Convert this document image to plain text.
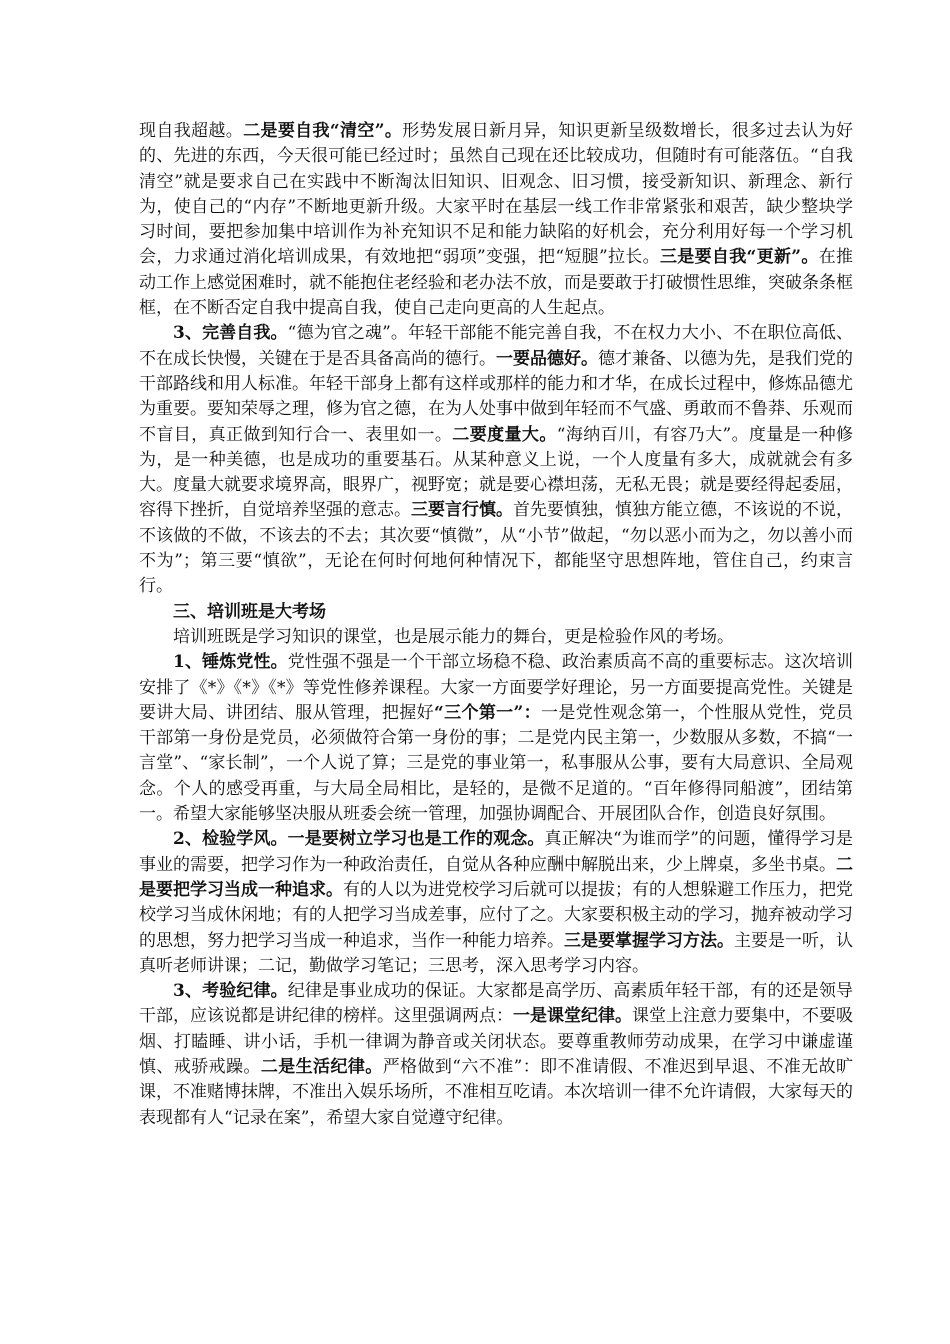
现自我超越。二是要自我“清空”。形势发展日新月异，知识更新呈级数增长，很多过去认为好的、先进的东西，今天很可能已经过时；虽然自己现在还比较成功，但随时有可能落伍。“自我清空”就是要求自己在实践中不断淘汰旧知识、旧观念、旧习惯，接受新知识、新理念、新行为，使自己的“内存”不断地更新升级。大家平时在基层一线工作非常紧张和艰苦，缺少整块学习时间，要把参加集中培训作为补充知识不足和能力缺陷的好机会，充分利用好每一个学习机会，力求通过消化培训成果，有效地把“弱项”变强，把“短腿”拉长。三是要自我“更新”。在推动工作上感觉困难时，就不能抱住老经验和老办法不放，而是要敢于打破惯性思维，突破条条框框，在不断否定自我中提高自我，使自己走向更高的人生起点。

3、完善自我。“德为官之魂”。年轻干部能不能完善自我，不在权力大小、不在职位高低、不在成长快慢，关键在于是否具备高尚的德行。一要品德好。德才兼备、以德为先，是我们党的干部路线和用人标准。年轻干部身上都有这样或那样的能力和才华，在成长过程中，修炼品德尤为重要。要知荣辱之理，修为官之德，在为人处事中做到年轻而不气盛、勇敢而不鲁莽、乐观而不盲目，真正做到知行合一、表里如一。二要度量大。“海纳百川，有容乃大”。度量是一种修为，是一种美德，也是成功的重要基石。从某种意义上说，一个人度量有多大，成就就会有多大。度量大就要求境界高，眼界广，视野宽；就是要心襟坦荡，无私无畏；就是要经得起委屈，容得下挫折，自觉培养坚强的意志。三要言行慎。首先要慎独，慎独方能立德，不该说的不说，不该做的不做，不该去的不去；其次要“慎微”，从“小节”做起，“勿以恶小而为之，勿以善小而不为”；第三要“慎欲”，无论在何时何地何种情况下，都能坚守思想阵地，管住自己，约束言行。

三、培训班是大考场

培训班既是学习知识的课堂，也是展示能力的舞台，更是检验作风的考场。

1、锤炼党性。党性强不强是一个干部立场稳不稳、政治素质高不高的重要标志。这次培训安排了《*》《*》《*》等党性修养课程。大家一方面要学好理论，另一方面要提高党性。关键是要讲大局、讲团结、服从管理，把握好“三个第一”：一是党性观念第一，个性服从党性，党员干部第一身份是党员，必须做符合第一身份的事；二是党内民主第一，少数服从多数，不搞“一言堂”、“家长制”，一个人说了算；三是党的事业第一，私事服从公事，要有大局意识、全局观念。个人的感受再重，与大局全局相比，是轻的，是微不足道的。“百年修得同船渡”，团结第一。希望大家能够坚决服从班委会统一管理，加强协调配合、开展团队合作，创造良好氛围。

2、检验学风。一是要树立学习也是工作的观念。真正解决“为谁而学”的问题，懂得学习是事业的需要，把学习作为一种政治责任，自觉从各种应酬中解脱出来，少上牌桌，多坐书桌。二是要把学习当成一种追求。有的人以为进党校学习后就可以提拔；有的人想躲避工作压力，把党校学习当成休闲地；有的人把学习当成差事，应付了之。大家要积极主动的学习，抛弃被动学习的思想，努力把学习当成一种追求，当作一种能力培养。三是要掌握学习方法。主要是一听，认真听老师讲课；二记，勤做学习笔记；三思考，深入思考学习内容。

3、考验纪律。纪律是事业成功的保证。大家都是高学历、高素质年轻干部，有的还是领导干部，应该说都是讲纪律的榜样。这里强调两点：一是课堂纪律。课堂上注意力要集中，不要吸烟、打瞌睡、讲小话，手机一律调为静音或关闭状态。要尊重教师劳动成果，在学习中谦虚谨慎、戒骄戒躁。二是生活纪律。严格做到“六不准”：即不准请假、不准迟到早退、不准无故旷课，不准赌博抹牌，不准出入娱乐场所，不准相互吃请。本次培训一律不允许请假，大家每天的表现都有人“记录在案”，希望大家自觉遵守纪律。
